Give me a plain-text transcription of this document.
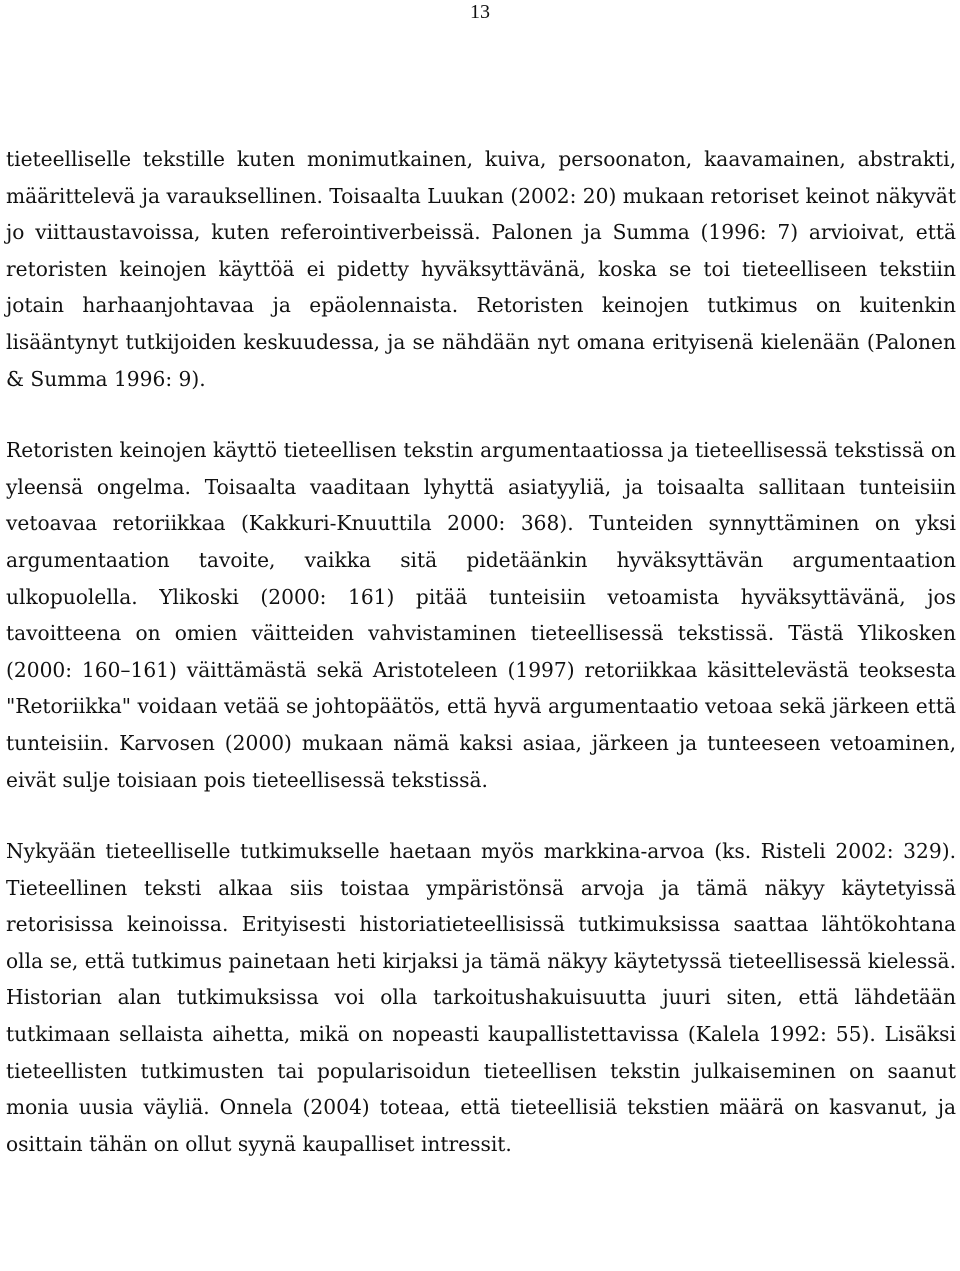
13

tieteelliselle tekstille kuten monimutkainen, kuiva, persoonaton, kaavamainen, abstrakti, määrittelevä ja varauksellinen. Toisaalta Luukan (2002: 20) mukaan retoriset keinot näkyvät jo viittaustavoissa, kuten referointiverbeissä. Palonen ja Summa (1996: 7) arvioivat, että retoristen keinojen käyttöä ei pidetty hyväksyttävänä, koska se toi tieteelliseen tekstiin jotain harhaanjohtavaa ja epäolennaista. Retoristen keinojen tutkimus on kuitenkin lisääntynyt tutkijoiden keskuudessa, ja se nähdään nyt omana erityisenä kielenään (Palonen & Summa 1996: 9).

Retoristen keinojen käyttö tieteellisen tekstin argumentaatiossa ja tieteellisessä tekstissä on yleensä ongelma. Toisaalta vaaditaan lyhyttä asiatyyliä, ja toisaalta sallitaan tunteisiin vetoavaa retoriikkaa (Kakkuri-Knuuttila 2000: 368). Tunteiden synnyttäminen on yksi argumentaation tavoite, vaikka sitä pidetäänkin hyväksyttävän argumentaation ulkopuolella. Ylikoski (2000: 161) pitää tunteisiin vetoamista hyväksyttävänä, jos tavoitteena on omien väitteiden vahvistaminen tieteellisessä tekstissä. Tästä Ylikosken (2000: 160–161) väittämästä sekä Aristoteleen (1997) retoriikkaa käsittelevästä teoksesta "Retoriikka" voidaan vetää se johtopäätös, että hyvä argumentaatio vetoaa sekä järkeen että tunteisiin. Karvosen (2000) mukaan nämä kaksi asiaa, järkeen ja tunteeseen vetoaminen, eivät sulje toisiaan pois tieteellisessä tekstissä.

Nykyään tieteelliselle tutkimukselle haetaan myös markkina-arvoa (ks. Risteli 2002: 329). Tieteellinen teksti alkaa siis toistaa ympäristönsä arvoja ja tämä näkyy käytetyissä retorisissa keinoissa. Erityisesti historiatieteellisissä tutkimuksissa saattaa lähtökohtana olla se, että tutkimus painetaan heti kirjaksi ja tämä näkyy käytetyssä tieteellisessä kielessä. Historian alan tutkimuksissa voi olla tarkoitushakuisuutta juuri siten, että lähdetään tutkimaan sellaista aihetta, mikä on nopeasti kaupallistettavissa (Kalela 1992: 55). Lisäksi tieteellisten tutkimusten tai popularisoidun tieteellisen tekstin julkaiseminen on saanut monia uusia väyliä. Onnela (2004) toteaa, että tieteellisiä tekstien määrä on kasvanut, ja osittain tähän on ollut syynä kaupalliset intressit.
